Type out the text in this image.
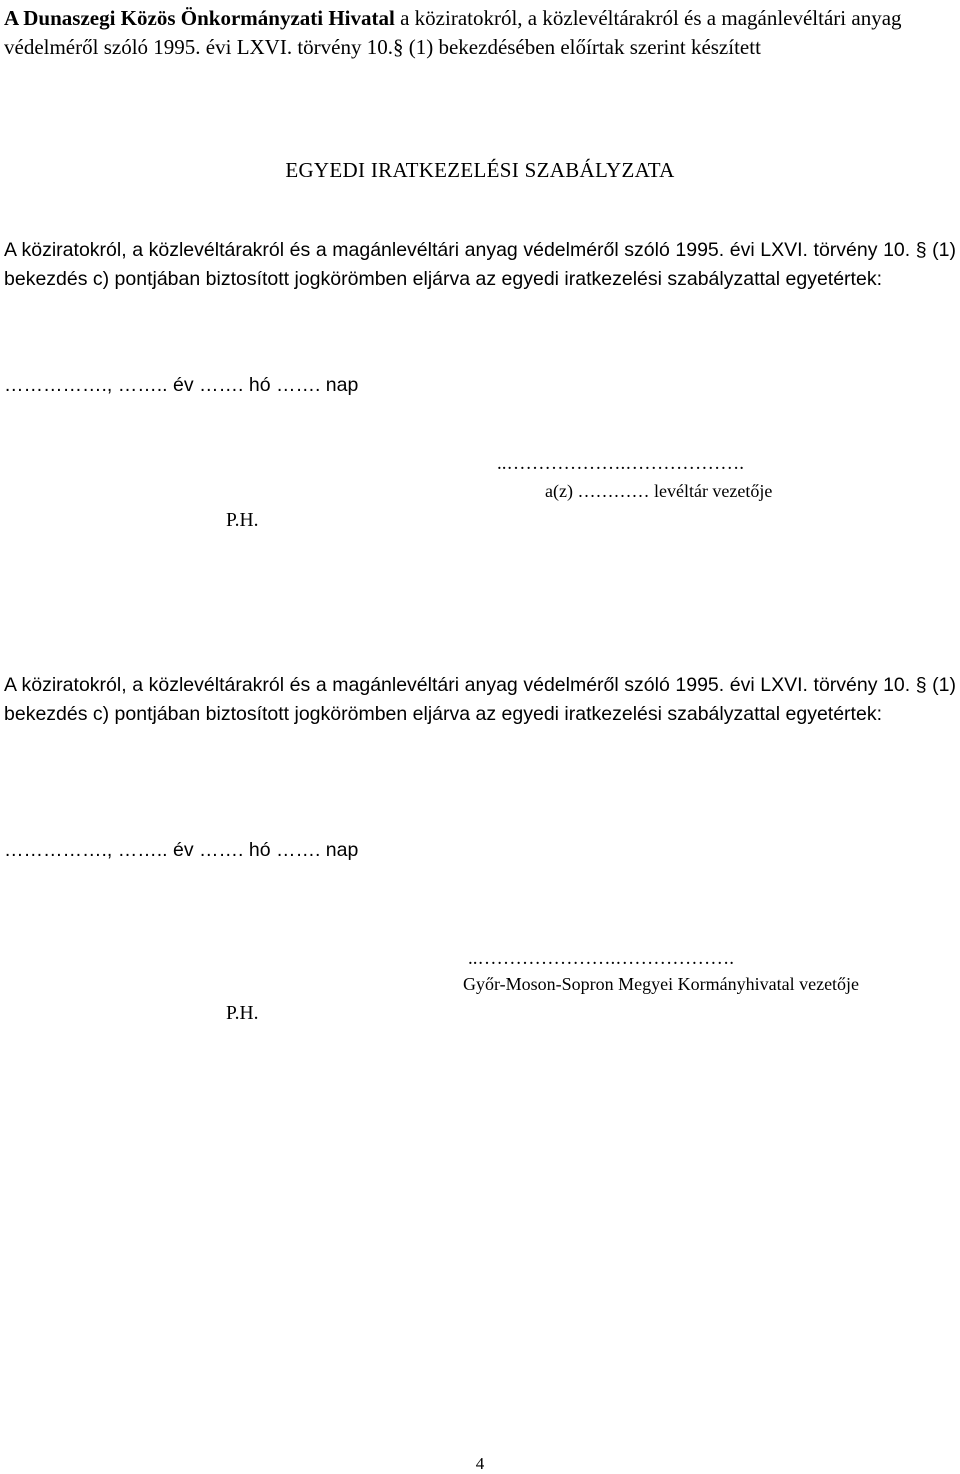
A Dunaszegi Közös Önkormányzati Hivatal a köziratokról, a közlevéltárakról és a magánlevéltári anyag védelméről szóló 1995. évi LXVI. törvény 10.§ (1) bekezdésében előírtak szerint készített
EGYEDI IRATKEZELÉSI SZABÁLYZATA
A köziratokról, a közlevéltárakról és a magánlevéltári anyag védelméről szóló 1995. évi LXVI. törvény 10. § (1) bekezdés c) pontjában biztosított jogkörömben eljárva az egyedi iratkezelési szabályzattal egyetértek:
……………., …….. év ……. hó ……. nap
P.H.
..……………….……………….
a(z) ………… levéltár vezetője
A köziratokról, a közlevéltárakról és a magánlevéltári anyag védelméről szóló 1995. évi LXVI. törvény 10. § (1) bekezdés c) pontjában biztosított jogkörömben eljárva az egyedi iratkezelési szabályzattal egyetértek:
……………., …….. év ……. hó ……. nap
P.H.
..………………….……………….
Győr-Moson-Sopron Megyei Kormányhivatal vezetője
4
